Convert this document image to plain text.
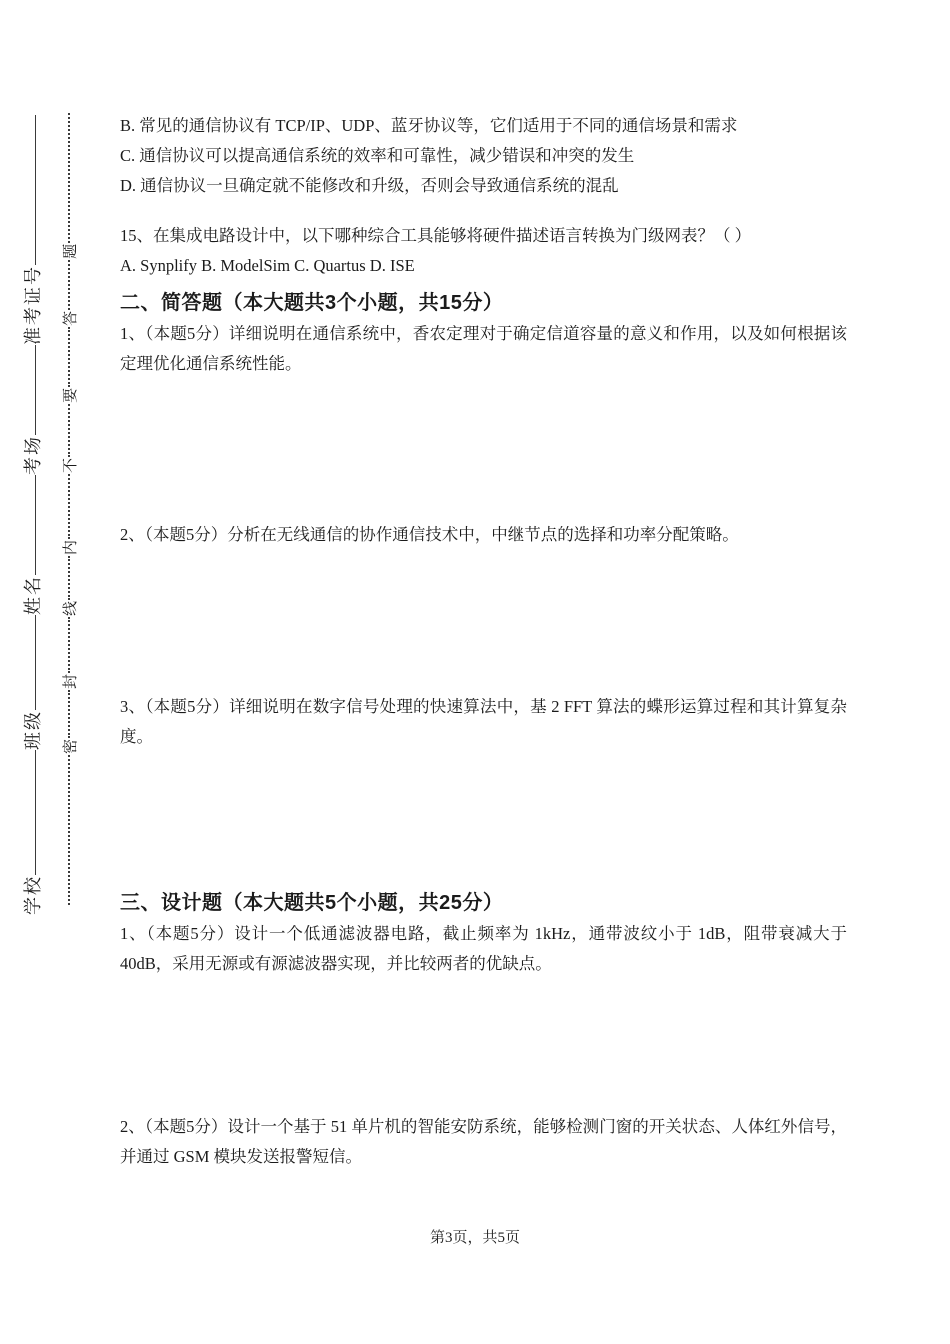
学校
班级
姓名
考场
准考证号
密
封
线
内
不
要
答
题

B. 常见的通信协议有 TCP/IP、UDP、蓝牙协议等，它们适用于不同的通信场景和需求

C. 通信协议可以提高通信系统的效率和可靠性，减少错误和冲突的发生

D. 通信协议一旦确定就不能修改和升级，否则会导致通信系统的混乱

15、在集成电路设计中，以下哪种综合工具能够将硬件描述语言转换为门级网表？（ ）

A. Synplify B. ModelSim C. Quartus D. ISE

二、简答题（本大题共3个小题，共15分）

1、（本题5分）详细说明在通信系统中，香农定理对于确定信道容量的意义和作用，以及如何根据该定理优化通信系统性能。

2、（本题5分）分析在无线通信的协作通信技术中，中继节点的选择和功率分配策略。

3、（本题5分）详细说明在数字信号处理的快速算法中，基 2 FFT 算法的蝶形运算过程和其计算复杂度。

三、设计题（本大题共5个小题，共25分）

1、（本题5分）设计一个低通滤波器电路，截止频率为 1kHz，通带波纹小于 1dB，阻带衰减大于 40dB，采用无源或有源滤波器实现，并比较两者的优缺点。

2、（本题5分）设计一个基于 51 单片机的智能安防系统，能够检测门窗的开关状态、人体红外信号，并通过 GSM 模块发送报警短信。

第3页，共5页
